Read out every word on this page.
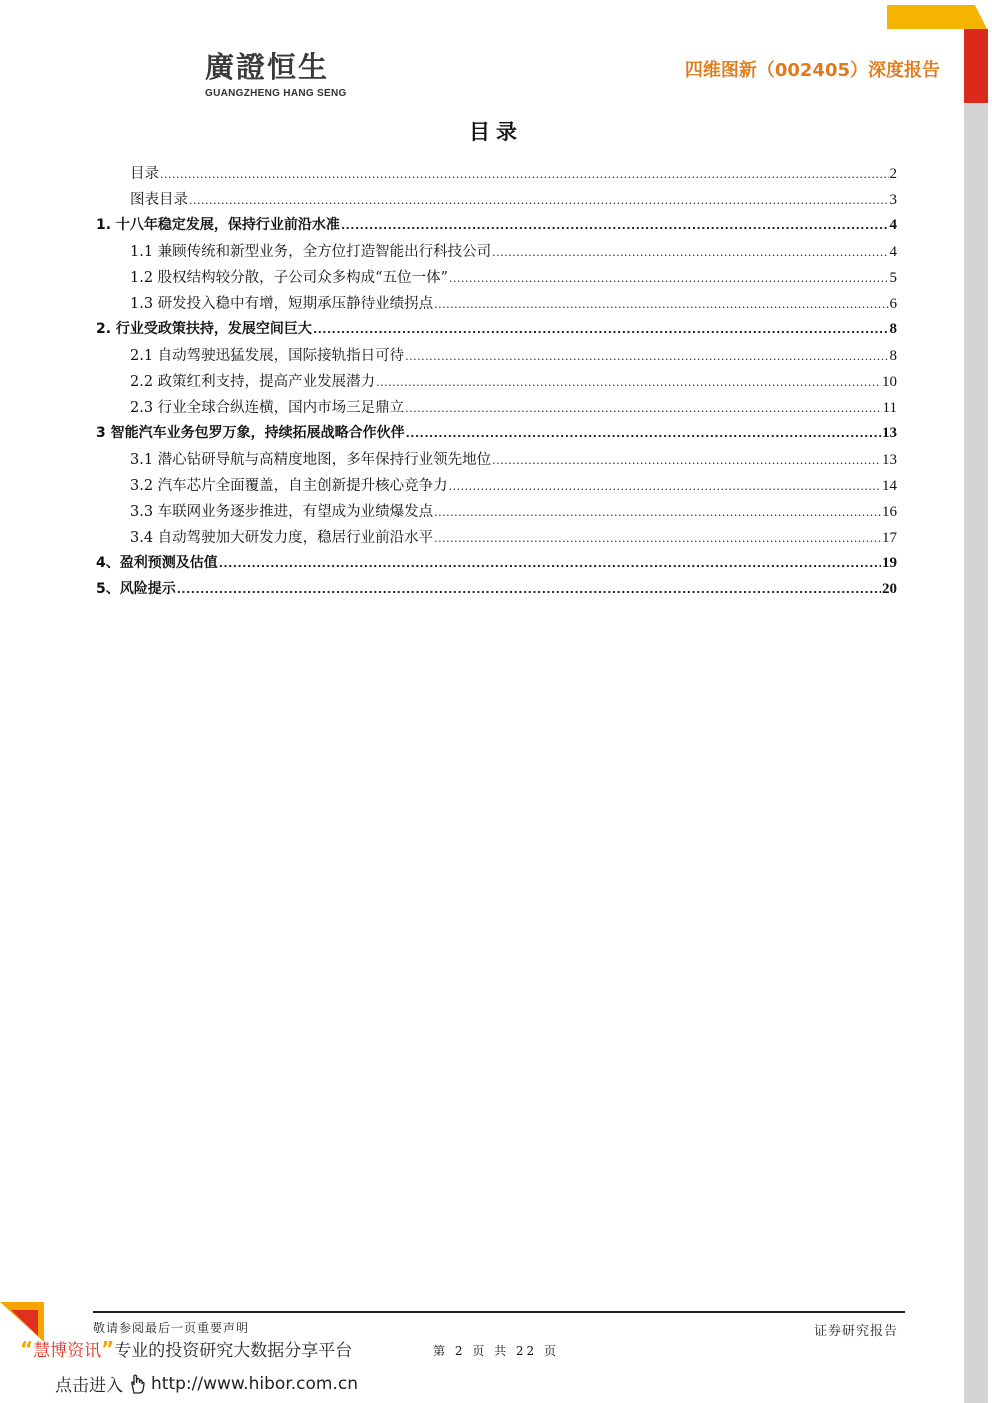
廣證恒生
GUANGZHENG HANG SENG
四维图新（002405）深度报告
目录
目录 .....	2
图表目录 .....	3
1. 十八年稳定发展，保持行业前沿水准 .....	4
1.1 兼顾传统和新型业务，全方位打造智能出行科技公司 .....	4
1.2 股权结构较分散，子公司众多构成“五位一体” .....	5
1.3 研发投入稳中有增，短期承压静待业绩拐点 .....	6
2. 行业受政策扶持，发展空间巨大 .....	8
2.1 自动驾驶迅猛发展，国际接轨指日可待 .....	8
2.2 政策红利支持，提高产业发展潜力 .....	10
2.3 行业全球合纵连横，国内市场三足鼎立 .....	11
3 智能汽车业务包罗万象，持续拓展战略合作伙伴 .....	13
3.1 潜心钻研导航与高精度地图，多年保持行业领先地位 .....	13
3.2 汽车芯片全面覆盖，自主创新提升核心竞争力 .....	14
3.3 车联网业务逐步推进，有望成为业绩爆发点 .....	16
3.4 自动驾驶加大研发力度，稳居行业前沿水平 .....	17
4、盈利预测及估值 .....	19
5、风险提示 .....	20
敬请参阅最后一页重要声明	证券研究报告
第 2 页 共 22 页
“慧博资讯”专业的投资研究大数据分享平台
点击进入 http://www.hibor.com.cn
